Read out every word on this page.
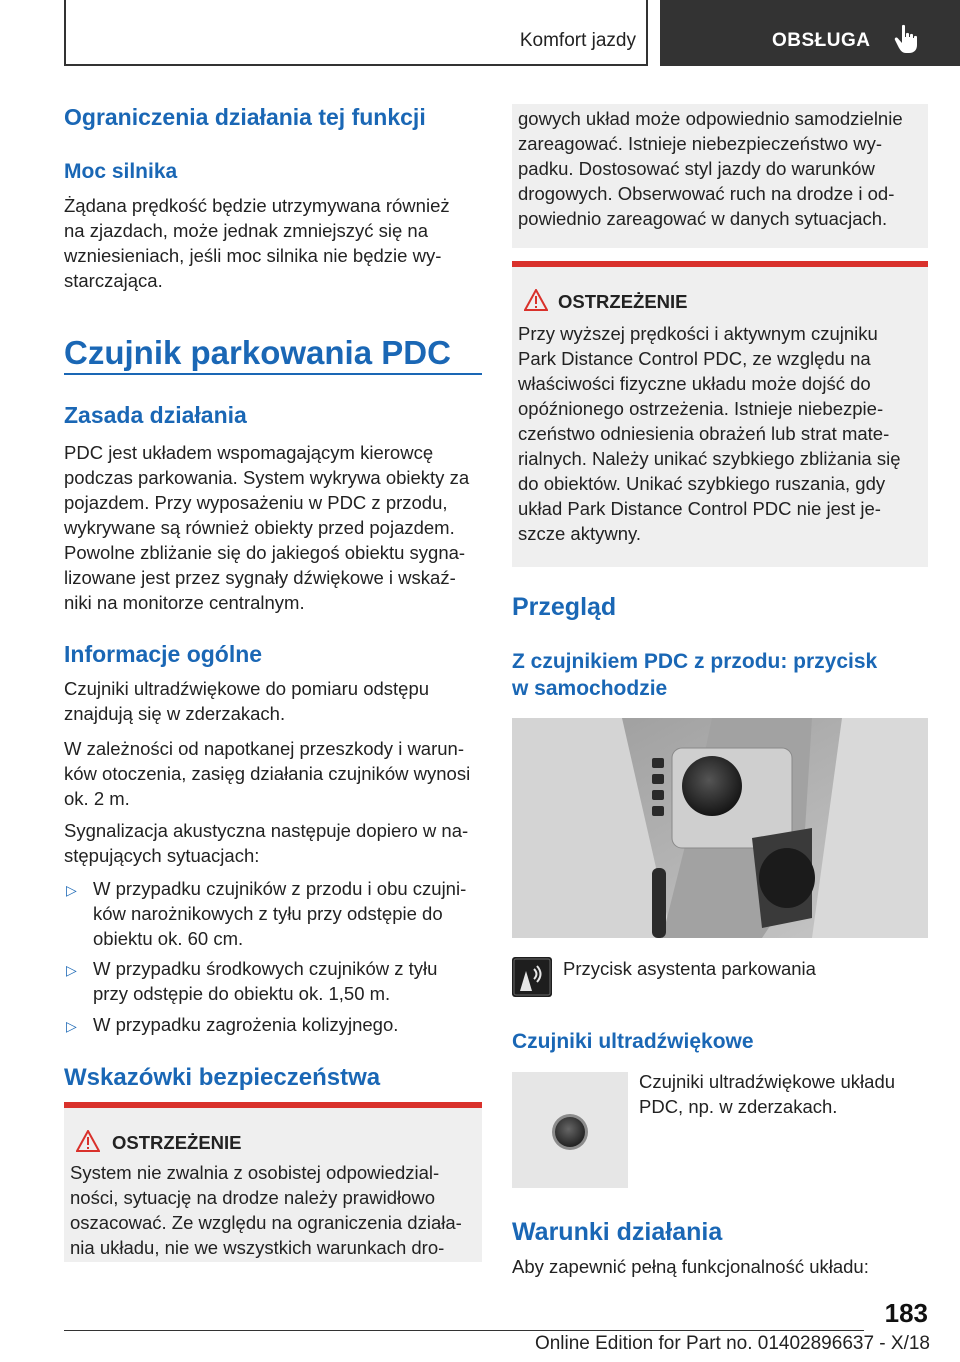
Komfort jazdy	OBSŁUGA
Ograniczenia działania tej funkcji
Moc silnika
Żądana prędkość będzie utrzymywana również
na zjazdach, może jednak zmniejszyć się na
wzniesieniach, jeśli moc silnika nie będzie wy-
starczająca.
Czujnik parkowania PDC
Zasada działania
PDC jest układem wspomagającym kierowcę
podczas parkowania. System wykrywa obiekty za
pojazdem. Przy wyposażeniu w PDC z przodu,
wykrywane są również obiekty przed pojazdem.
Powolne zbliżanie się do jakiegoś obiektu sygna-
lizowane jest przez sygnały dźwiękowe i wskaź-
niki na monitorze centralnym.
Informacje ogólne
Czujniki ultradźwiękowe do pomiaru odstępu
znajdują się w zderzakach.
W zależności od napotkanej przeszkody i warun-
ków otoczenia, zasięg działania czujników wynosi
ok. 2 m.
Sygnalizacja akustyczna następuje dopiero w na-
stępujących sytuacjach:
▷ W przypadku czujników z przodu i obu czujni-
ków narożnikowych z tyłu przy odstępie do
obiektu ok. 60 cm.
▷ W przypadku środkowych czujników z tyłu
przy odstępie do obiektu ok. 1,50 m.
▷ W przypadku zagrożenia kolizyjnego.
Wskazówki bezpieczeństwa
OSTRZEŻENIE
System nie zwalnia z osobistej odpowiedzial-
ności, sytuację na drodze należy prawidłowo
oszacować. Ze względu na ograniczenia działa-
nia układu, nie we wszystkich warunkach dro-
gowych układ może odpowiednio samodzielnie
zareagować. Istnieje niebezpieczeństwo wy-
padku. Dostosować styl jazdy do warunków
drogowych. Obserwować ruch na drodze i od-
powiednio zareagować w danych sytuacjach.
OSTRZEŻENIE
Przy wyższej prędkości i aktywnym czujniku
Park Distance Control PDC, ze względu na
właściwości fizyczne układu może dojść do
opóźnionego ostrzeżenia. Istnieje niebezpie-
czeństwo odniesienia obrażeń lub strat mate-
rialnych. Należy unikać szybkiego zbliżania się
do obiektów. Unikać szybkiego ruszania, gdy
układ Park Distance Control PDC nie jest je-
szcze aktywny.
Przegląd
Z czujnikiem PDC z przodu: przycisk
w samochodzie
Przycisk asystenta parkowania
Czujniki ultradźwiękowe
Czujniki ultradźwiękowe układu
PDC, np. w zderzakach.
Warunki działania
Aby zapewnić pełną funkcjonalność układu:
183
Online Edition for Part no. 01402896637 - X/18
